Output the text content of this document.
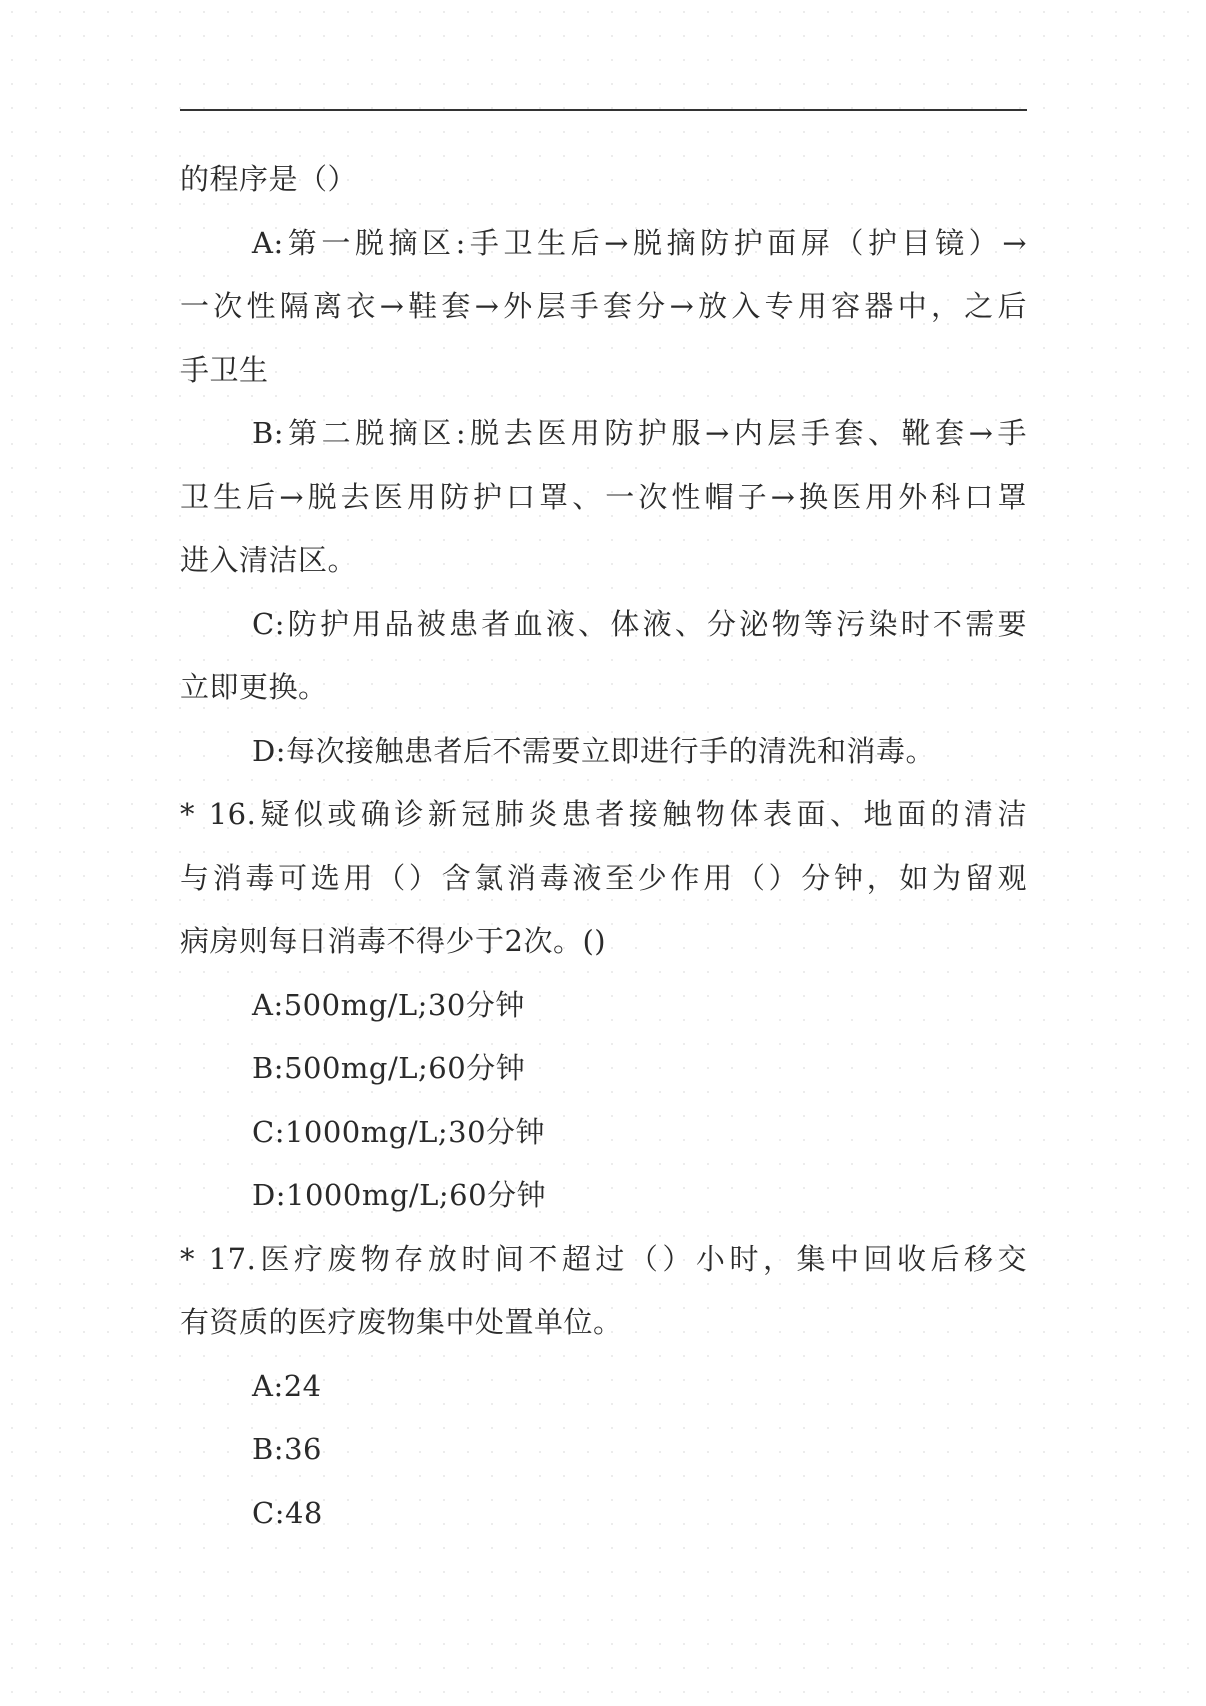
的程序是（）
A:第一脱摘区:手卫生后→脱摘防护面屏（护目镜）→
一次性隔离衣→鞋套→外层手套分→放入专用容器中，之后
手卫生
B:第二脱摘区:脱去医用防护服→内层手套、靴套→手
卫生后→脱去医用防护口罩、一次性帽子→换医用外科口罩
进入清洁区。
C:防护用品被患者血液、体液、分泌物等污染时不需要
立即更换。
D:每次接触患者后不需要立即进行手的清洗和消毒。
* 16.疑似或确诊新冠肺炎患者接触物体表面、地面的清洁
与消毒可选用（）含氯消毒液至少作用（）分钟，如为留观
病房则每日消毒不得少于2次。()
A:500mg/L;30分钟
B:500mg/L;60分钟
C:1000mg/L;30分钟
D:1000mg/L;60分钟
* 17.医疗废物存放时间不超过（）小时，集中回收后移交
有资质的医疗废物集中处置单位。
A:24
B:36
C:48
